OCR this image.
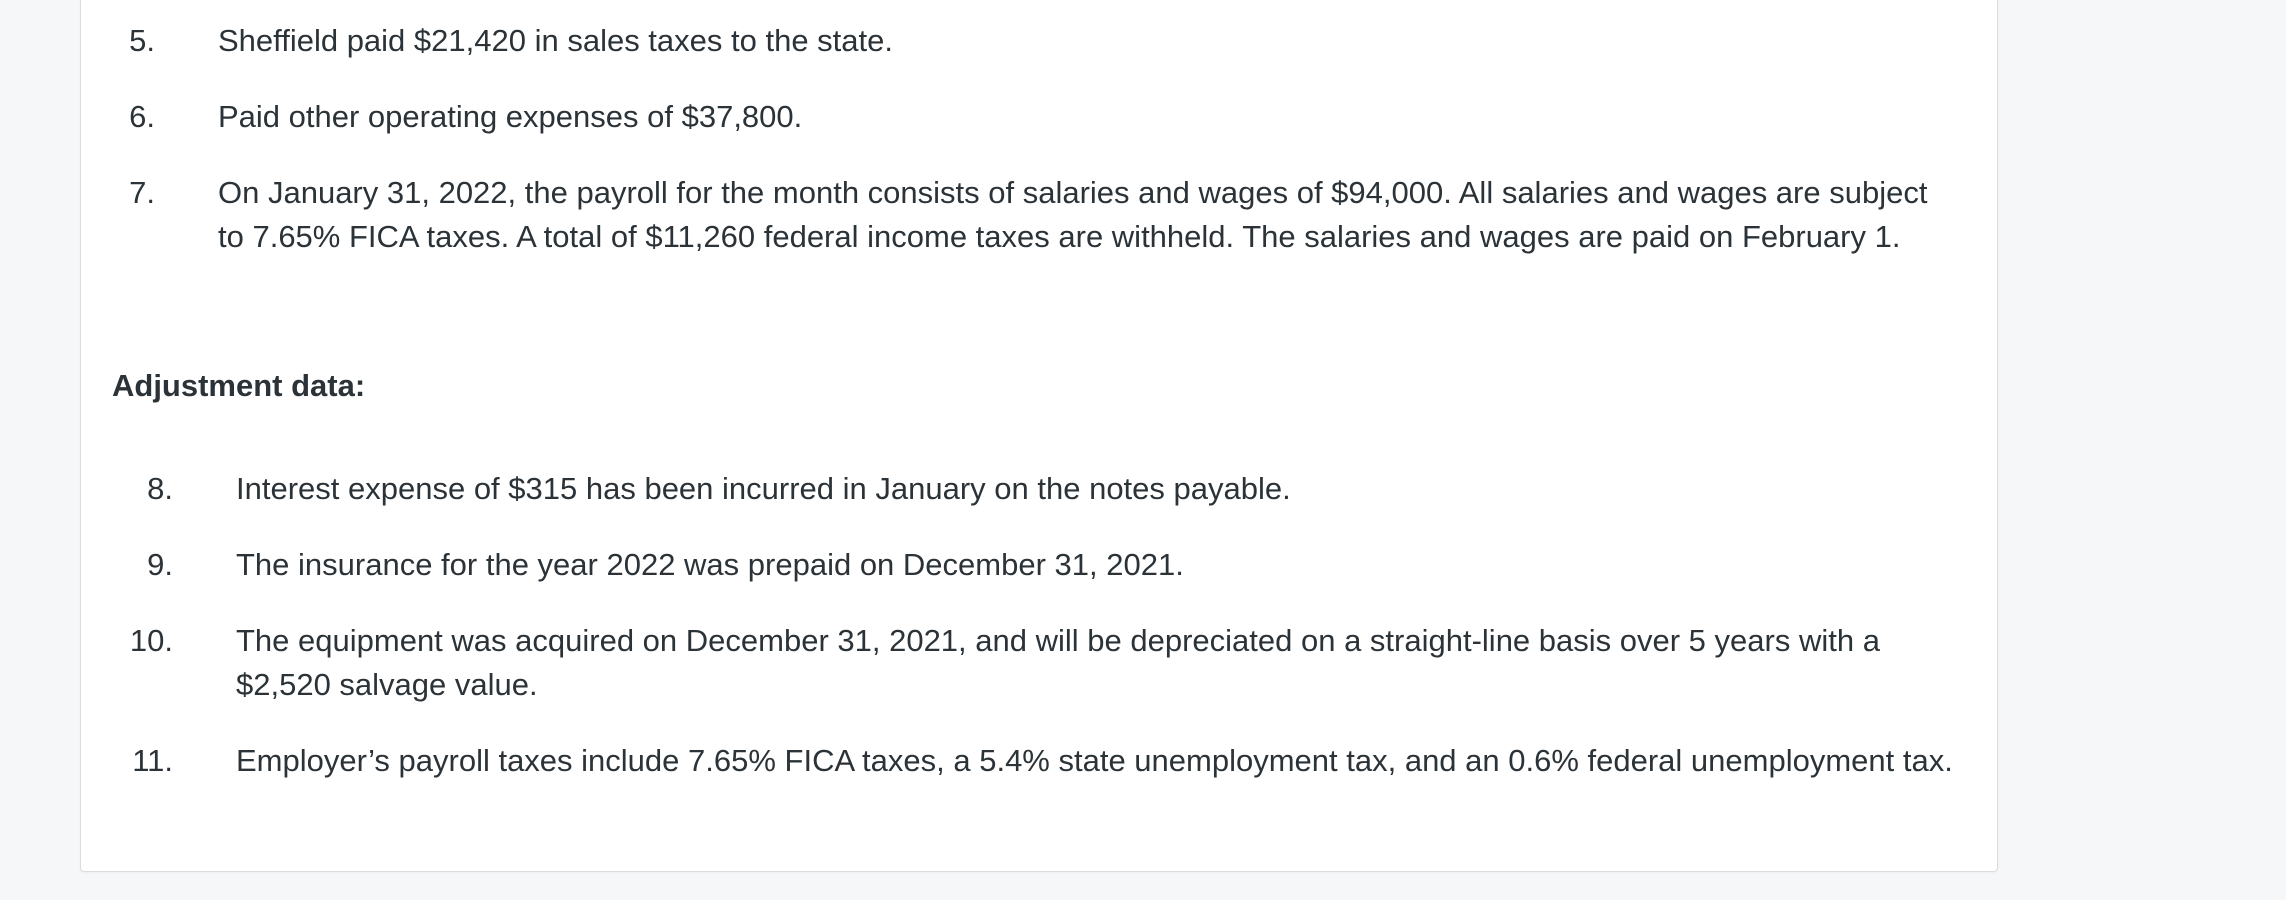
5. Sheffield paid $21,420 in sales taxes to the state.
6. Paid other operating expenses of $37,800.
7. On January 31, 2022, the payroll for the month consists of salaries and wages of $94,000. All salaries and wages are subject
to 7.65% FICA taxes. A total of $11,260 federal income taxes are withheld. The salaries and wages are paid on February 1.
Adjustment data:
8. Interest expense of $315 has been incurred in January on the notes payable.
9. The insurance for the year 2022 was prepaid on December 31, 2021.
10. The equipment was acquired on December 31, 2021, and will be depreciated on a straight-line basis over 5 years with a
$2,520 salvage value.
11. Employer’s payroll taxes include 7.65% FICA taxes, a 5.4% state unemployment tax, and an 0.6% federal unemployment tax.
